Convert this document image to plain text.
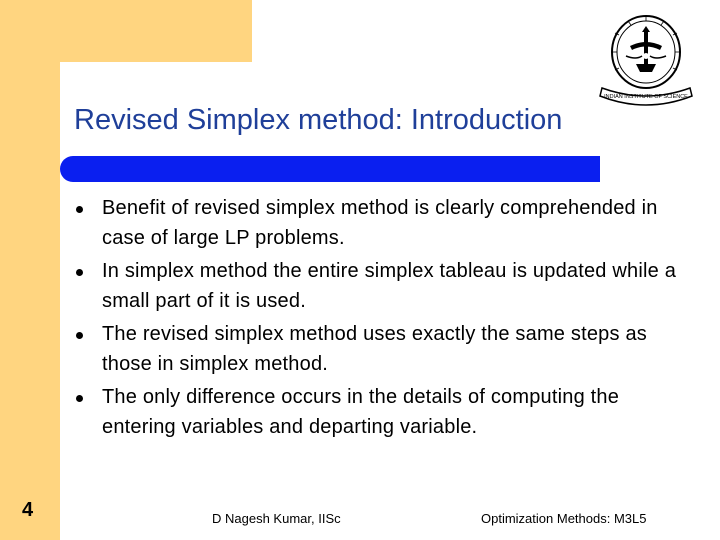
INDIAN INSTITUTE OF SCIENCE
Revised Simplex method: Introduction
Benefit of revised simplex method is clearly comprehended in case of large LP problems.
In simplex method the entire simplex tableau is updated while a small part of it is used.
The revised simplex method uses exactly the same steps as those in simplex method.
The only difference occurs in the details of computing the entering variables and departing variable.
4	D Nagesh Kumar, IISc	Optimization Methods: M3L5
